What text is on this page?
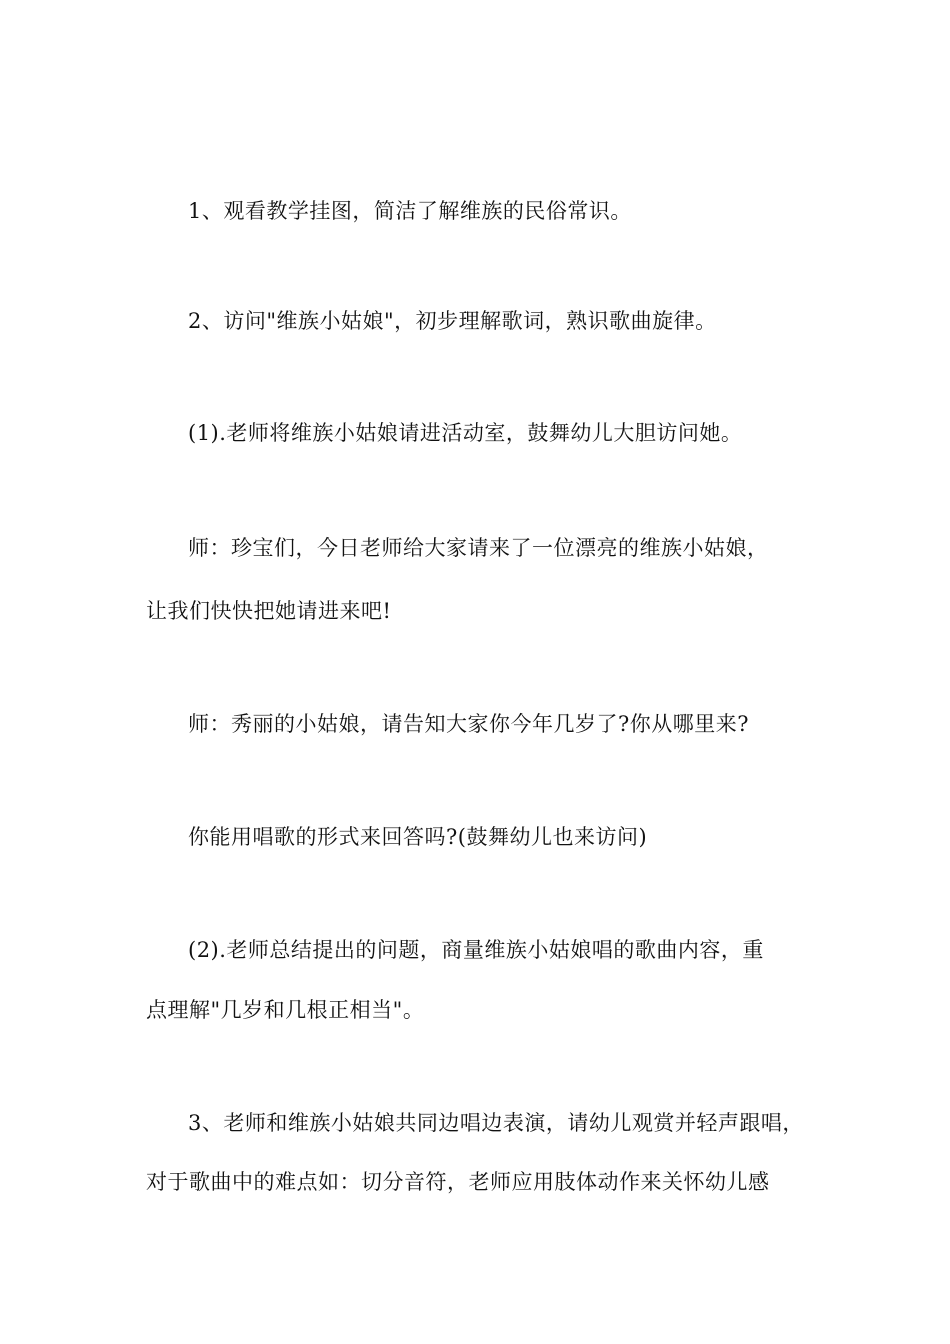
1、观看教学挂图，简洁了解维族的民俗常识。
2、访问"维族小姑娘"，初步理解歌词，熟识歌曲旋律。
(1).老师将维族小姑娘请进活动室，鼓舞幼儿大胆访问她。
师：珍宝们，今日老师给大家请来了一位漂亮的维族小姑娘，
让我们快快把她请进来吧!
师：秀丽的小姑娘，请告知大家你今年几岁了?你从哪里来?
你能用唱歌的形式来回答吗?(鼓舞幼儿也来访问)
(2).老师总结提出的问题，商量维族小姑娘唱的歌曲内容，重
点理解"几岁和几根正相当"。
3、老师和维族小姑娘共同边唱边表演，请幼儿观赏并轻声跟唱，
对于歌曲中的难点如：切分音符，老师应用肢体动作来关怀幼儿感
